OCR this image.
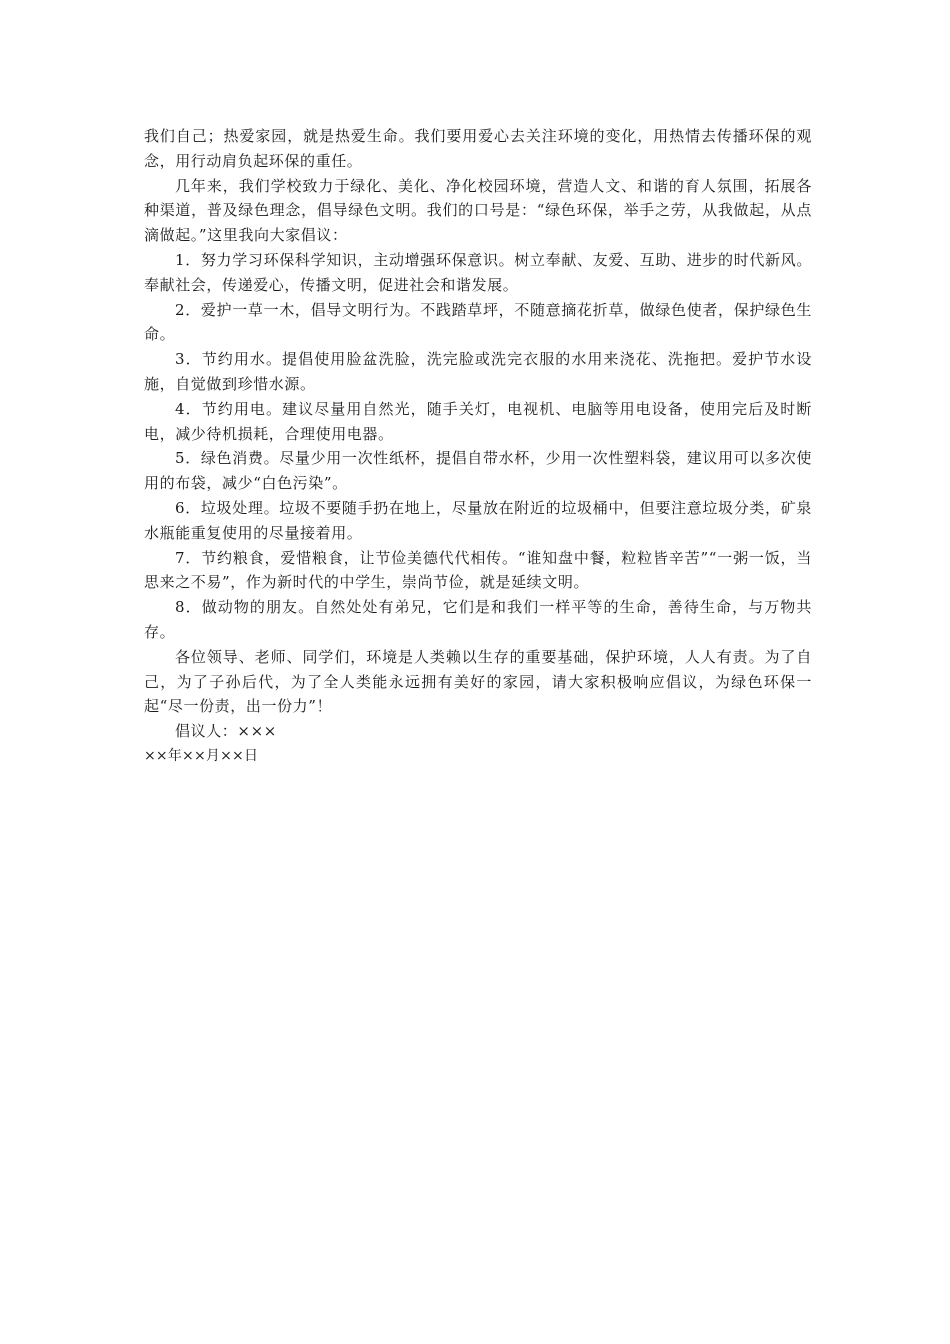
我们自己；热爱家园，就是热爱生命。我们要用爱心去关注环境的变化，用热情去传播环保的观念，用行动肩负起环保的重任。

几年来，我们学校致力于绿化、美化、净化校园环境，营造人文、和谐的育人氛围，拓展各种渠道，普及绿色理念，倡导绿色文明。我们的口号是：“绿色环保，举手之劳，从我做起，从点滴做起。”这里我向大家倡议：

1．努力学习环保科学知识，主动增强环保意识。树立奉献、友爱、互助、进步的时代新风。奉献社会，传递爱心，传播文明，促进社会和谐发展。

2．爱护一草一木，倡导文明行为。不践踏草坪，不随意摘花折草，做绿色使者，保护绿色生命。

3．节约用水。提倡使用脸盆洗脸，洗完脸或洗完衣服的水用来浇花、洗拖把。爱护节水设施，自觉做到珍惜水源。

4．节约用电。建议尽量用自然光，随手关灯，电视机、电脑等用电设备，使用完后及时断电，减少待机损耗，合理使用电器。

5．绿色消费。尽量少用一次性纸杯，提倡自带水杯，少用一次性塑料袋，建议用可以多次使用的布袋，减少“白色污染”。

6．垃圾处理。垃圾不要随手扔在地上，尽量放在附近的垃圾桶中，但要注意垃圾分类，矿泉水瓶能重复使用的尽量接着用。

7．节约粮食，爱惜粮食，让节俭美德代代相传。“谁知盘中餐，粒粒皆辛苦”“一粥一饭，当思来之不易”，作为新时代的中学生，崇尚节俭，就是延续文明。

8．做动物的朋友。自然处处有弟兄，它们是和我们一样平等的生命，善待生命，与万物共存。

各位领导、老师、同学们，环境是人类赖以生存的重要基础，保护环境，人人有责。为了自己，为了子孙后代，为了全人类能永远拥有美好的家园，请大家积极响应倡议，为绿色环保一起“尽一份责，出一份力”！

倡议人：×××

××年××月××日
